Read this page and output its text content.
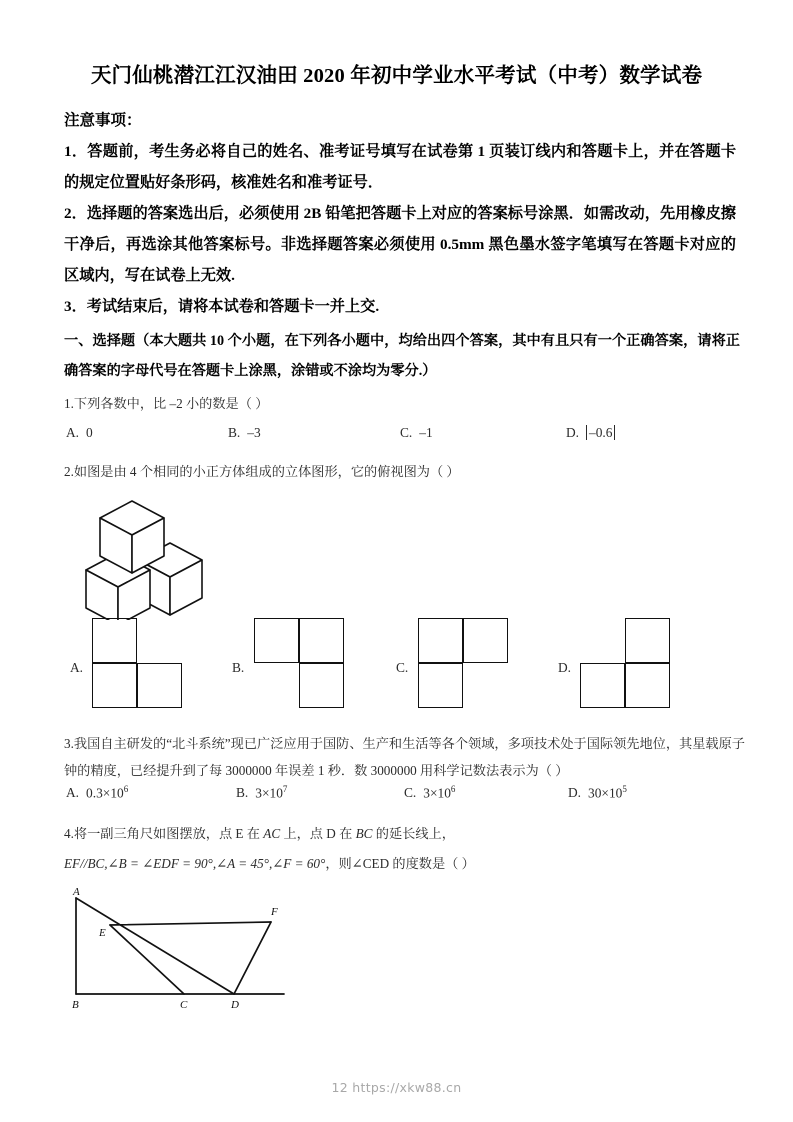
天门仙桃潜江江汉油田 2020 年初中学业水平考试（中考）数学试卷
注意事项：

1．答题前，考生务必将自己的姓名、准考证号填写在试卷第 1 页装订线内和答题卡上，并在答题卡的规定位置贴好条形码，核准姓名和准考证号．

2．选择题的答案选出后，必须使用 2B 铅笔把答题卡上对应的答案标号涂黑．如需改动，先用橡皮擦干净后，再选涂其他答案标号。非选择题答案必须使用 0.5mm 黑色墨水签字笔填写在答题卡对应的区域内，写在试卷上无效.

3．考试结束后，请将本试卷和答题卡一并上交.

一、选择题（本大题共 10 个小题，在下列各小题中，均给出四个答案，其中有且只有一个正确答案，请将正确答案的字母代号在答题卡上涂黑，涂错或不涂均为零分.）
1.下列各数中，比 –2 小的数是（ ）
A. 0	B. –3	C. –1	D. –0.6
2.如图是由 4 个相同的小正方体组成的立体图形，它的俯视图为（ ）
A.	B.	C.	D.
3.我国自主研发的“北斗系统”现已广泛应用于国防、生产和生活等各个领域，多项技术处于国际领先地位，其星载原子钟的精度，已经提升到了每 3000000 年误差 1 秒．数 3000000 用科学记数法表示为（ ）
A. $0.3\times 10^6$	B. $3\times 10^7$	C. $3\times 10^6$	D. $30\times 10^5$
4.将一副三角尺如图摆放，点 E 在 AC 上，点 D 在 BC 的延长线上，
EF//BC,∠B = ∠EDF = 90°,∠A = 45°,∠F = 60°，则∠CED 的度数是（ ）
A
E
F
B	C	D
12 https://xkw88.cn
